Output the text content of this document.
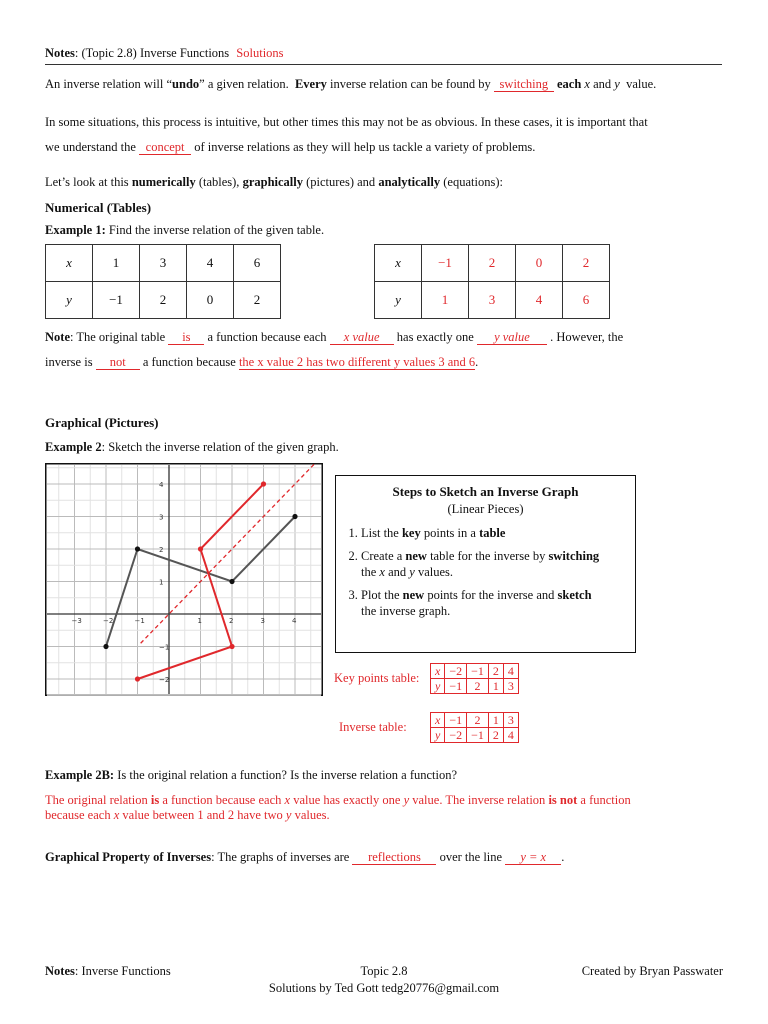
Notes: (Topic 2.8) Inverse Functions Solutions
An inverse relation will “undo” a given relation. Every inverse relation can be found by switching each x and y value.
In some situations, this process is intuitive, but other times this may not be as obvious. In these cases, it is important that
we understand the concept of inverse relations as they will help us tackle a variety of problems.
Let’s look at this numerically (tables), graphically (pictures) and analytically (equations):
Numerical (Tables)
Example 1: Find the inverse relation of the given table.
x	1	3	4	6
y	−1	2	0	2
x	−1	2	0	2
y	1	3	4	6
Note: The original table is a function because each x value has exactly one y value . However, the
inverse is not a function because the x value 2 has two different y values 3 and 6.
Graphical (Pictures)
Example 2: Sketch the inverse relation of the given graph.
−3	−2	−1	1	2	3	4
4
3
2
1
−1
−2
Steps to Sketch an Inverse Graph
(Linear Pieces)
1. List the key points in a table
2. Create a new table for the inverse by switching
the x and y values.
3. Plot the new points for the inverse and sketch
the inverse graph.
Key points table: x	−2	−1	2	4
y	−1	2	1	3
Inverse table: x	−1	2	1	3
y	−2	−1	2	4
Example 2B: Is the original relation a function? Is the inverse relation a function?
The original relation is a function because each x value has exactly one y value. The inverse relation is not a function
because each x value between 1 and 2 have two y values.
Graphical Property of Inverses: The graphs of inverses are reflections over the line y = x .
Notes: Inverse Functions	Topic 2.8	Created by Bryan Passwater
Solutions by Ted Gott tedg20776@gmail.com
